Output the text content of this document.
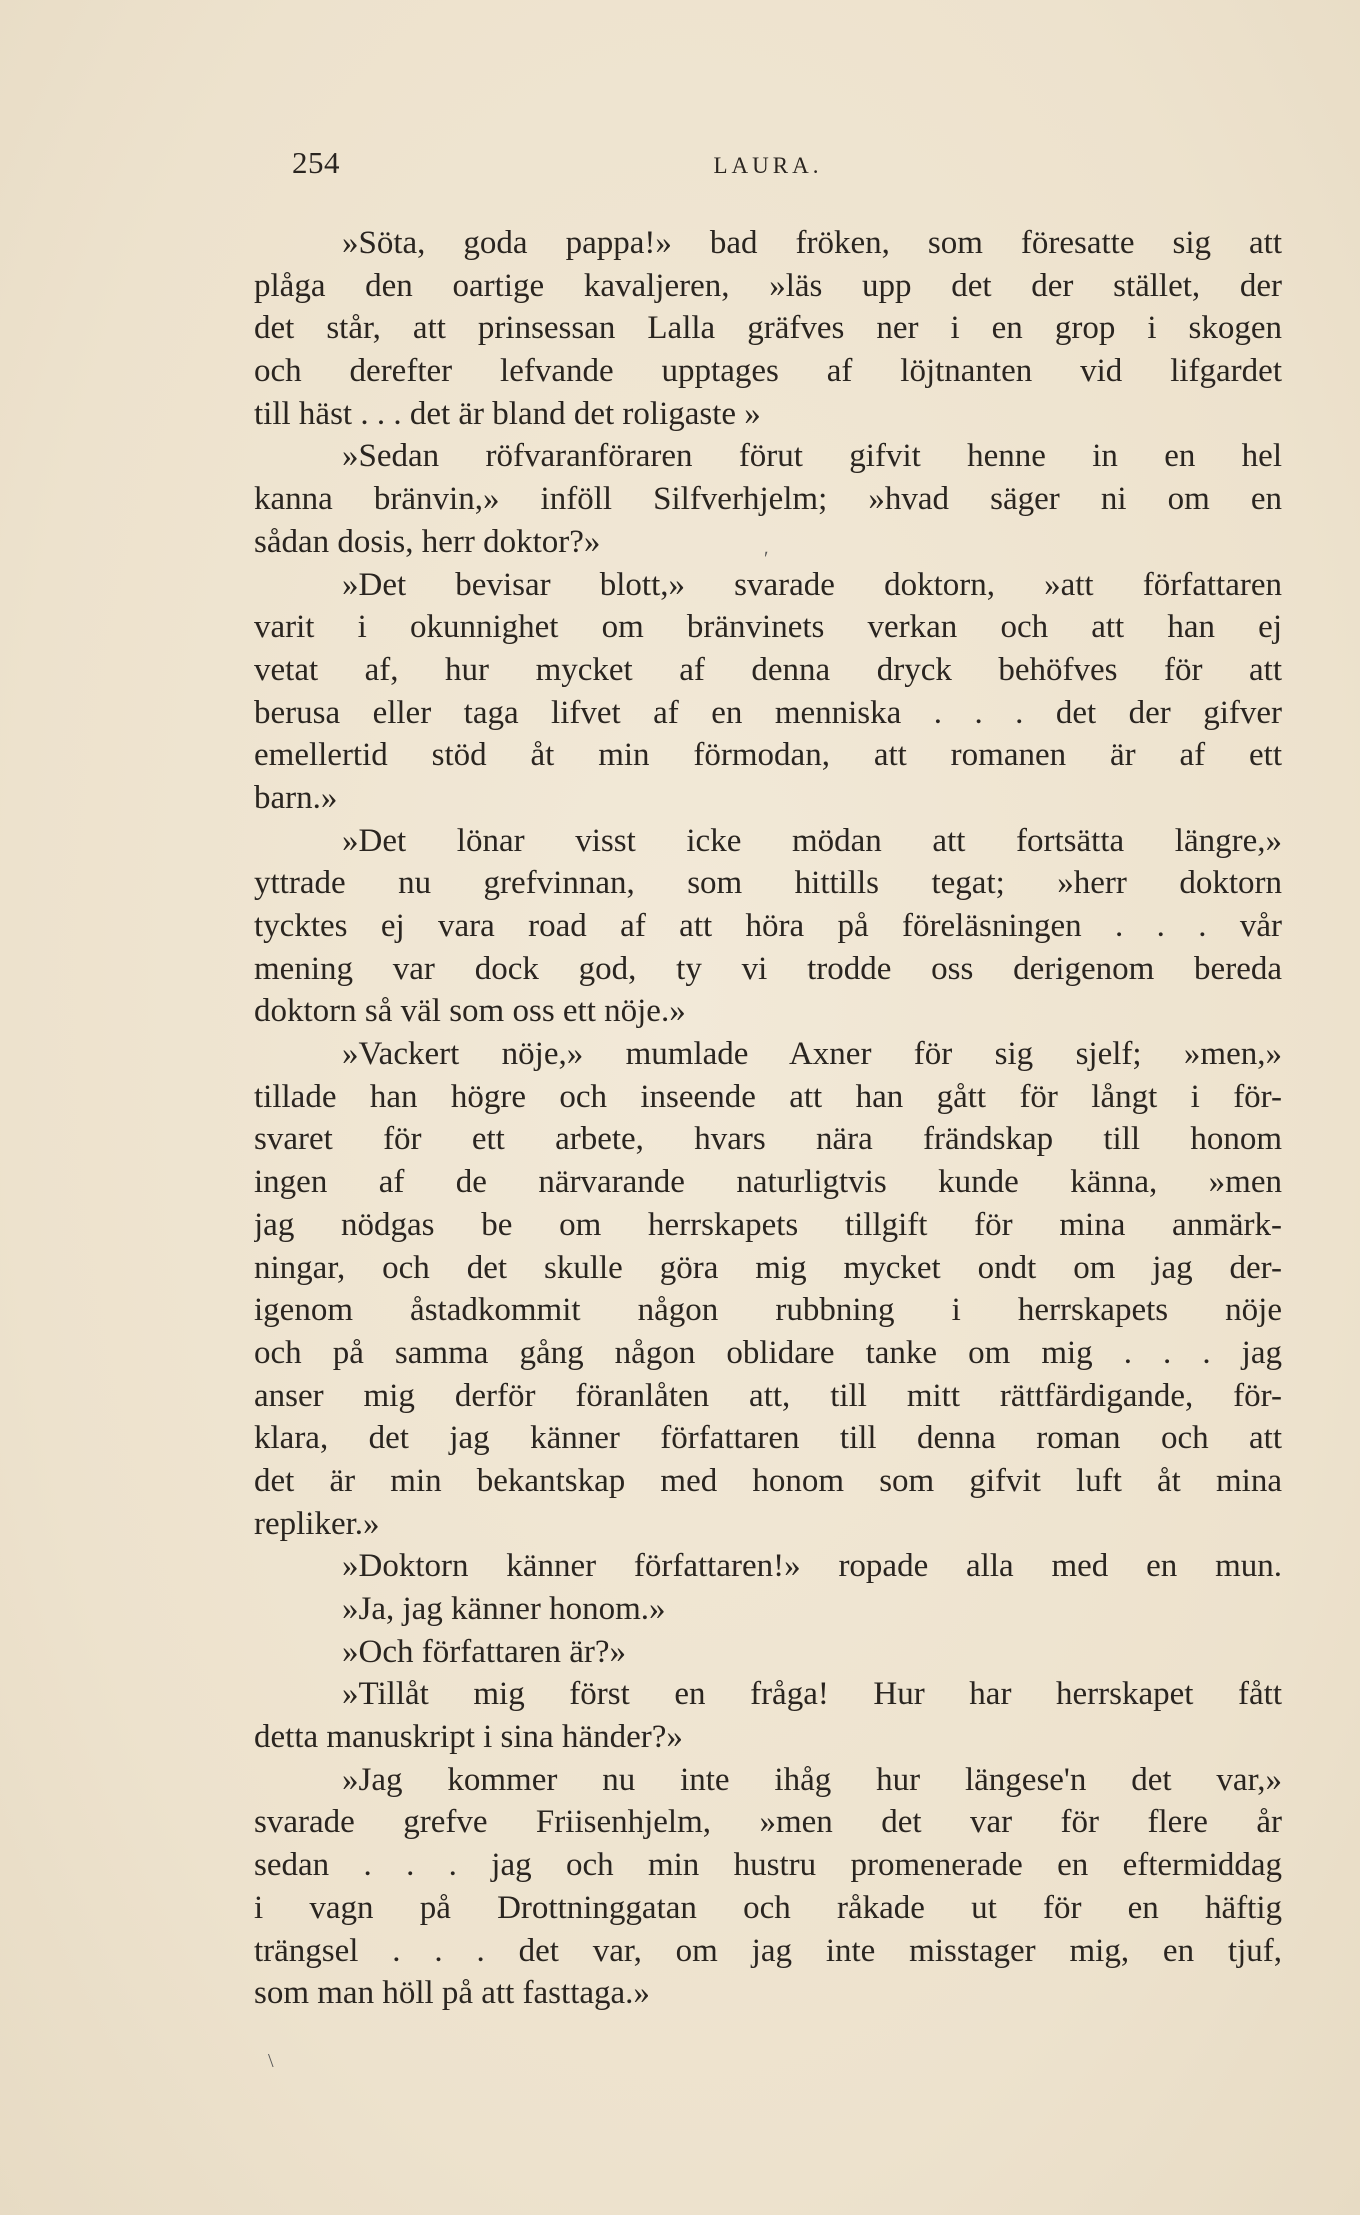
254	LAURA.
»Söta, goda pappa!» bad fröken, som föresatte sig att
plåga den oartige kavaljeren, »läs upp det der stället, der
det står, att prinsessan Lalla gräfves ner i en grop i skogen
och derefter lefvande upptages af löjtnanten vid lifgardet
till häst . . . det är bland det roligaste »
»Sedan röfvaranföraren förut gifvit henne in en hel
kanna bränvin,» inföll Silfverhjelm; »hvad säger ni om en
sådan dosis, herr doktor?»
»Det bevisar blott,» svarade doktorn, »att författaren
varit i okunnighet om bränvinets verkan och att han ej
vetat af, hur mycket af denna dryck behöfves för att
berusa eller taga lifvet af en menniska . . . det der gifver
emellertid stöd åt min förmodan, att romanen är af ett
barn.»
»Det lönar visst icke mödan att fortsätta längre,»
yttrade nu grefvinnan, som hittills tegat; »herr doktorn
tycktes ej vara road af att höra på föreläsningen . . . vår
mening var dock god, ty vi trodde oss derigenom bereda
doktorn så väl som oss ett nöje.»
»Vackert nöje,» mumlade Axner för sig sjelf; »men,»
tillade han högre och inseende att han gått för långt i för-
svaret för ett arbete, hvars nära frändskap till honom
ingen af de närvarande naturligtvis kunde känna, »men
jag nödgas be om herrskapets tillgift för mina anmärk-
ningar, och det skulle göra mig mycket ondt om jag der-
igenom åstadkommit någon rubbning i herrskapets nöje
och på samma gång någon oblidare tanke om mig . . . jag
anser mig derför föranlåten att, till mitt rättfärdigande, för-
klara, det jag känner författaren till denna roman och att
det är min bekantskap med honom som gifvit luft åt mina
repliker.»
»Doktorn känner författaren!» ropade alla med en mun.
»Ja, jag känner honom.»
»Och författaren är?»
»Tillåt mig först en fråga! Hur har herrskapet fått
detta manuskript i sina händer?»
»Jag kommer nu inte ihåg hur längese'n det var,»
svarade grefve Friisenhjelm, »men det var för flere år
sedan . . . jag och min hustru promenerade en eftermiddag
i vagn på Drottninggatan och råkade ut för en häftig
trängsel . . . det var, om jag inte misstager mig, en tjuf,
som man höll på att fasttaga.»
ʹ
\
